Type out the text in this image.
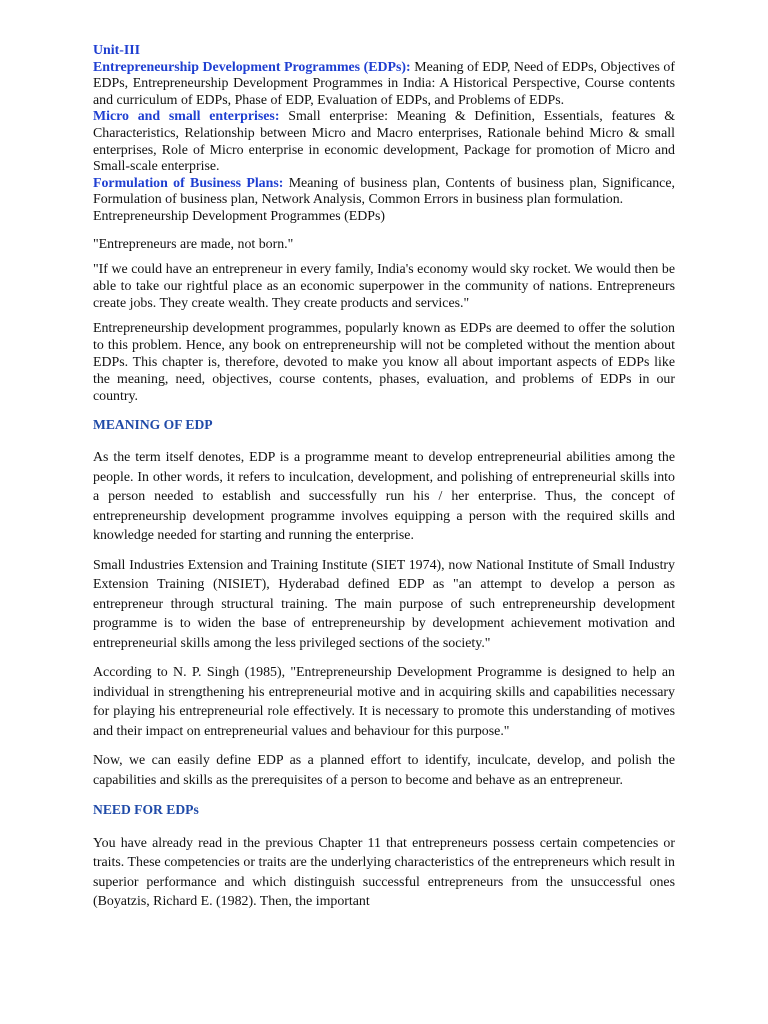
Unit-III

Entrepreneurship Development Programmes (EDPs): Meaning of EDP, Need of EDPs, Objectives of EDPs, Entrepreneurship Development Programmes in India: A Historical Perspective, Course contents and curriculum of EDPs, Phase of EDP, Evaluation of EDPs, and Problems of EDPs.

Micro and small enterprises: Small enterprise: Meaning & Definition, Essentials, features & Characteristics, Relationship between Micro and Macro enterprises, Rationale behind Micro & small enterprises, Role of Micro enterprise in economic development, Package for promotion of Micro and Small-scale enterprise.

Formulation of Business Plans: Meaning of business plan, Contents of business plan, Significance, Formulation of business plan, Network Analysis, Common Errors in business plan formulation.

Entrepreneurship Development Programmes (EDPs)

"Entrepreneurs are made, not born."

"If we could have an entrepreneur in every family, India's economy would sky rocket. We would then be able to take our rightful place as an economic superpower in the community of nations. Entrepreneurs create jobs. They create wealth. They create products and services."

Entrepreneurship development programmes, popularly known as EDPs are deemed to offer the solution to this problem. Hence, any book on entrepreneurship will not be completed without the mention about EDPs. This chapter is, therefore, devoted to make you know all about important aspects of EDPs like the meaning, need, objectives, course contents, phases, evaluation, and problems of EDPs in our country.

MEANING OF EDP

As the term itself denotes, EDP is a programme meant to develop entrepreneurial abilities among the people. In other words, it refers to inculcation, development, and polishing of entrepreneurial skills into a person needed to establish and successfully run his / her enterprise. Thus, the concept of entrepreneurship development programme involves equipping a person with the required skills and knowledge needed for starting and running the enterprise.

Small Industries Extension and Training Institute (SIET 1974), now National Institute of Small Industry Extension Training (NISIET), Hyderabad defined EDP as "an attempt to develop a person as entrepreneur through structural training. The main purpose of such entrepreneurship development programme is to widen the base of entrepreneurship by development achievement motivation and entrepreneurial skills among the less privileged sections of the society."

According to N. P. Singh (1985), "Entrepreneurship Development Programme is designed to help an individual in strengthening his entrepreneurial motive and in acquiring skills and capabilities necessary for playing his entrepreneurial role effectively. It is necessary to promote this understanding of motives and their impact on entrepreneurial values and behaviour for this purpose."

Now, we can easily define EDP as a planned effort to identify, inculcate, develop, and polish the capabilities and skills as the prerequisites of a person to become and behave as an entrepreneur.

NEED FOR EDPs

You have already read in the previous Chapter 11 that entrepreneurs possess certain competencies or traits. These competencies or traits are the underlying characteristics of the entrepreneurs which result in superior performance and which distinguish successful entrepreneurs from the unsuccessful ones (Boyatzis, Richard E. (1982). Then, the important
